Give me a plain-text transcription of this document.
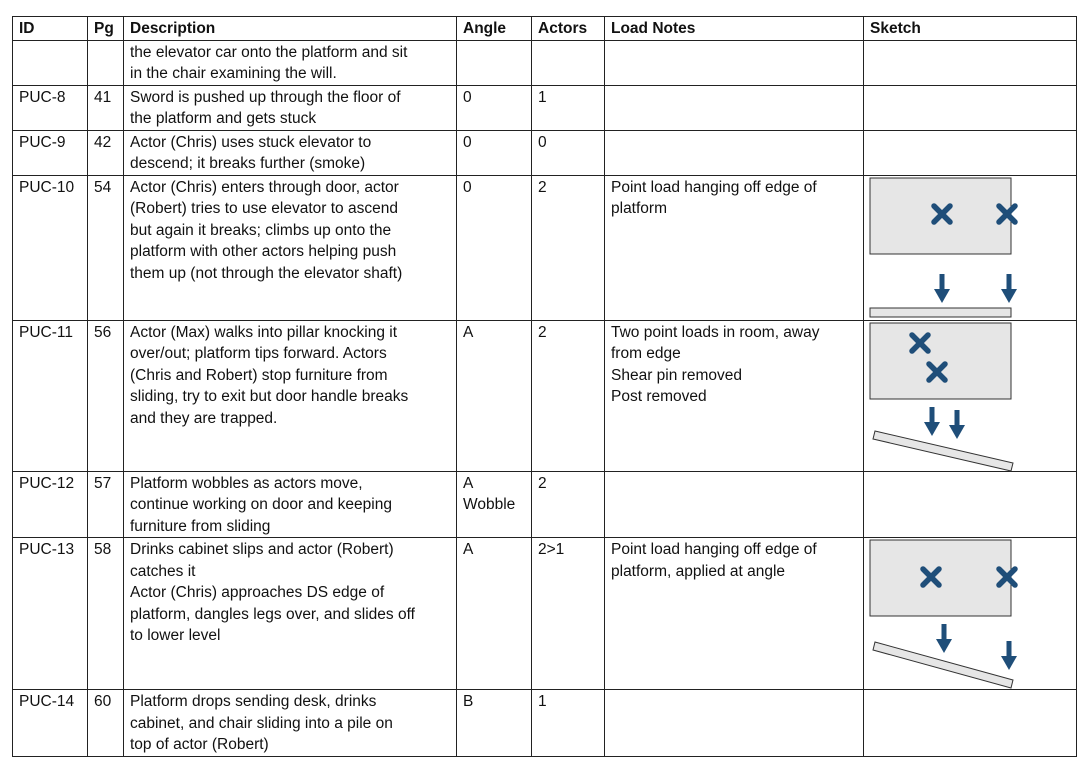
ID	Pg	Description	Angle	Actors	Load Notes	Sketch
		the elevator car onto the platform and sit
in the chair examining the will.				
PUC-8	41	Sword is pushed up through the floor of
the platform and gets stuck	0	1		
PUC-9	42	Actor (Chris) uses stuck elevator to
descend; it breaks further (smoke)	0	0		
PUC-10	54	Actor (Chris) enters through door, actor
(Robert) tries to use elevator to ascend
but again it breaks; climbs up onto the
platform with other actors helping push
them up (not through the elevator shaft)	0	2	Point load hanging off edge of
platform	

PUC-11	56	Actor (Max) walks into pillar knocking it
over/out; platform tips forward. Actors
(Chris and Robert) stop furniture from
sliding, try to exit but door handle breaks
and they are trapped.	A	2	Two point loads in room, away
from edge
Shear pin removed
Post removed	

PUC-12	57	Platform wobbles as actors move,
continue working on door and keeping
furniture from sliding	A
Wobble	2		
PUC-13	58	Drinks cabinet slips and actor (Robert)
catches it
Actor (Chris) approaches DS edge of
platform, dangles legs over, and slides off
to lower level	A	2>1	Point load hanging off edge of
platform, applied at angle	

PUC-14	60	Platform drops sending desk, drinks
cabinet, and chair sliding into a pile on
top of actor (Robert)	B	1		
